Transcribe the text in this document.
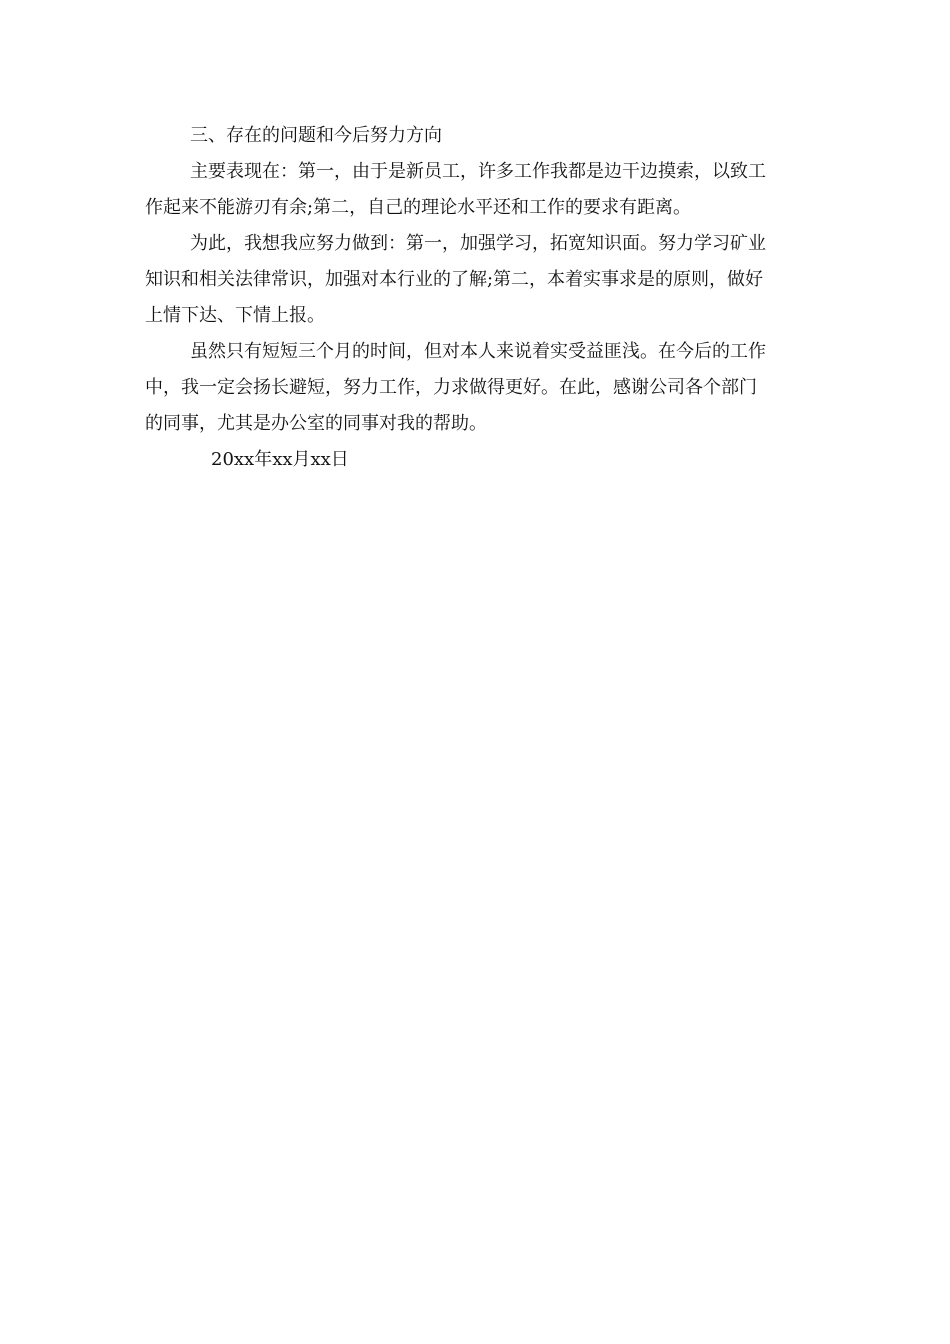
三、存在的问题和今后努力方向

主要表现在：第一，由于是新员工，许多工作我都是边干边摸索，以致工

作起来不能游刃有余;第二，自己的理论水平还和工作的要求有距离。

为此，我想我应努力做到：第一，加强学习，拓宽知识面。努力学习矿业

知识和相关法律常识，加强对本行业的了解;第二，本着实事求是的原则，做好

上情下达、下情上报。

虽然只有短短三个月的时间，但对本人来说着实受益匪浅。在今后的工作

中，我一定会扬长避短，努力工作，力求做得更好。在此，感谢公司各个部门

的同事，尤其是办公室的同事对我的帮助。

20xx年xx月xx日
